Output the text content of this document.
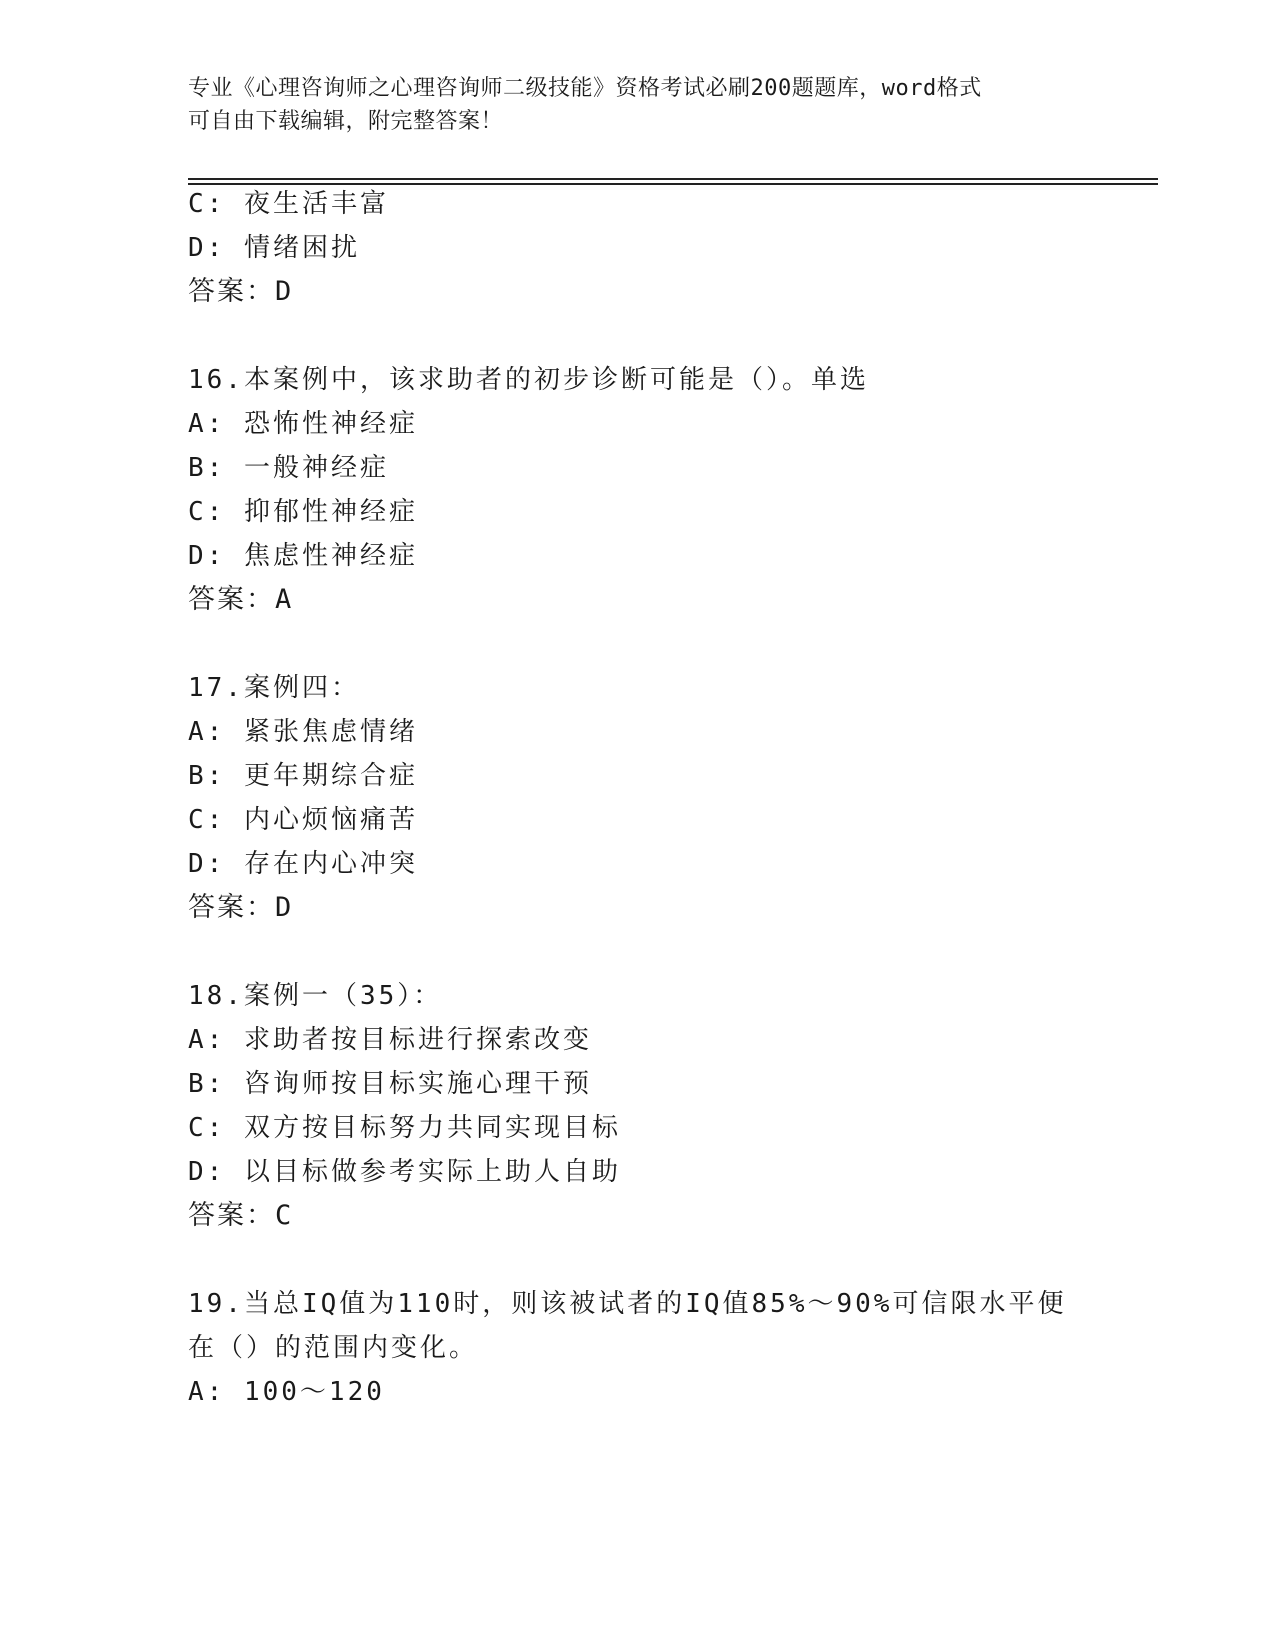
专业《心理咨询师之心理咨询师二级技能》资格考试必刷200题题库，word格式
可自由下载编辑，附完整答案！
C: 夜生活丰富
D: 情绪困扰
答案：D
16.本案例中，该求助者的初步诊断可能是（）。单选
A: 恐怖性神经症
B: 一般神经症
C: 抑郁性神经症
D: 焦虑性神经症
答案：A
17.案例四：
A: 紧张焦虑情绪
B: 更年期综合症
C: 内心烦恼痛苦
D: 存在内心冲突
答案：D
18.案例一（35）：
A: 求助者按目标进行探索改变
B: 咨询师按目标实施心理干预
C: 双方按目标努力共同实现目标
D: 以目标做参考实际上助人自助
答案：C
19.当总IQ值为110时，则该被试者的IQ值85%～90%可信限水平便
在（）的范围内变化。
A: 100～120
